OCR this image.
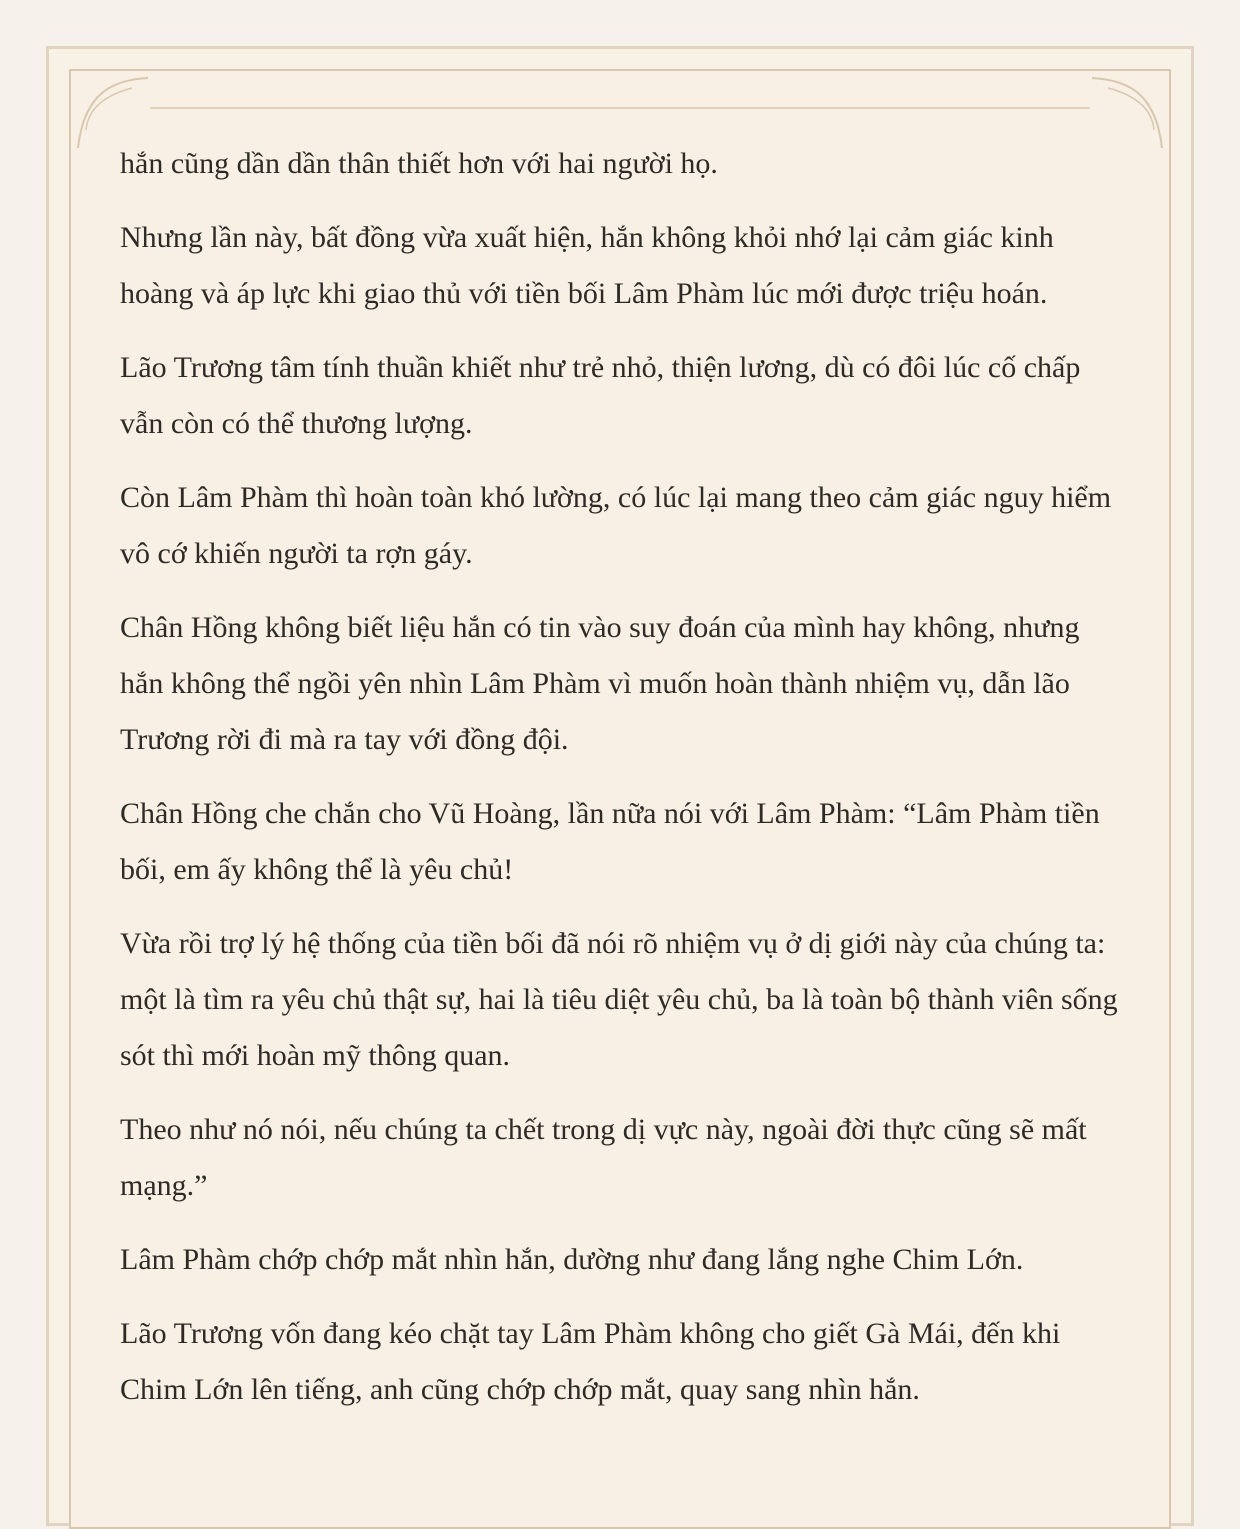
hắn cũng dần dần thân thiết hơn với hai người họ.

Nhưng lần này, bất đồng vừa xuất hiện, hắn không khỏi nhớ lại cảm giác kinh hoàng và áp lực khi giao thủ với tiền bối Lâm Phàm lúc mới được triệu hoán.

Lão Trương tâm tính thuần khiết như trẻ nhỏ, thiện lương, dù có đôi lúc cố chấp vẫn còn có thể thương lượng.

Còn Lâm Phàm thì hoàn toàn khó lường, có lúc lại mang theo cảm giác nguy hiểm vô cớ khiến người ta rợn gáy.

Chân Hồng không biết liệu hắn có tin vào suy đoán của mình hay không, nhưng hắn không thể ngồi yên nhìn Lâm Phàm vì muốn hoàn thành nhiệm vụ, dẫn lão Trương rời đi mà ra tay với đồng đội.

Chân Hồng che chắn cho Vũ Hoàng, lần nữa nói với Lâm Phàm: “Lâm Phàm tiền bối, em ấy không thể là yêu chủ!

Vừa rồi trợ lý hệ thống của tiền bối đã nói rõ nhiệm vụ ở dị giới này của chúng ta: một là tìm ra yêu chủ thật sự, hai là tiêu diệt yêu chủ, ba là toàn bộ thành viên sống sót thì mới hoàn mỹ thông quan.

Theo như nó nói, nếu chúng ta chết trong dị vực này, ngoài đời thực cũng sẽ mất mạng.”

Lâm Phàm chớp chớp mắt nhìn hắn, dường như đang lắng nghe Chim Lớn.

Lão Trương vốn đang kéo chặt tay Lâm Phàm không cho giết Gà Mái, đến khi Chim Lớn lên tiếng, anh cũng chớp chớp mắt, quay sang nhìn hắn.
